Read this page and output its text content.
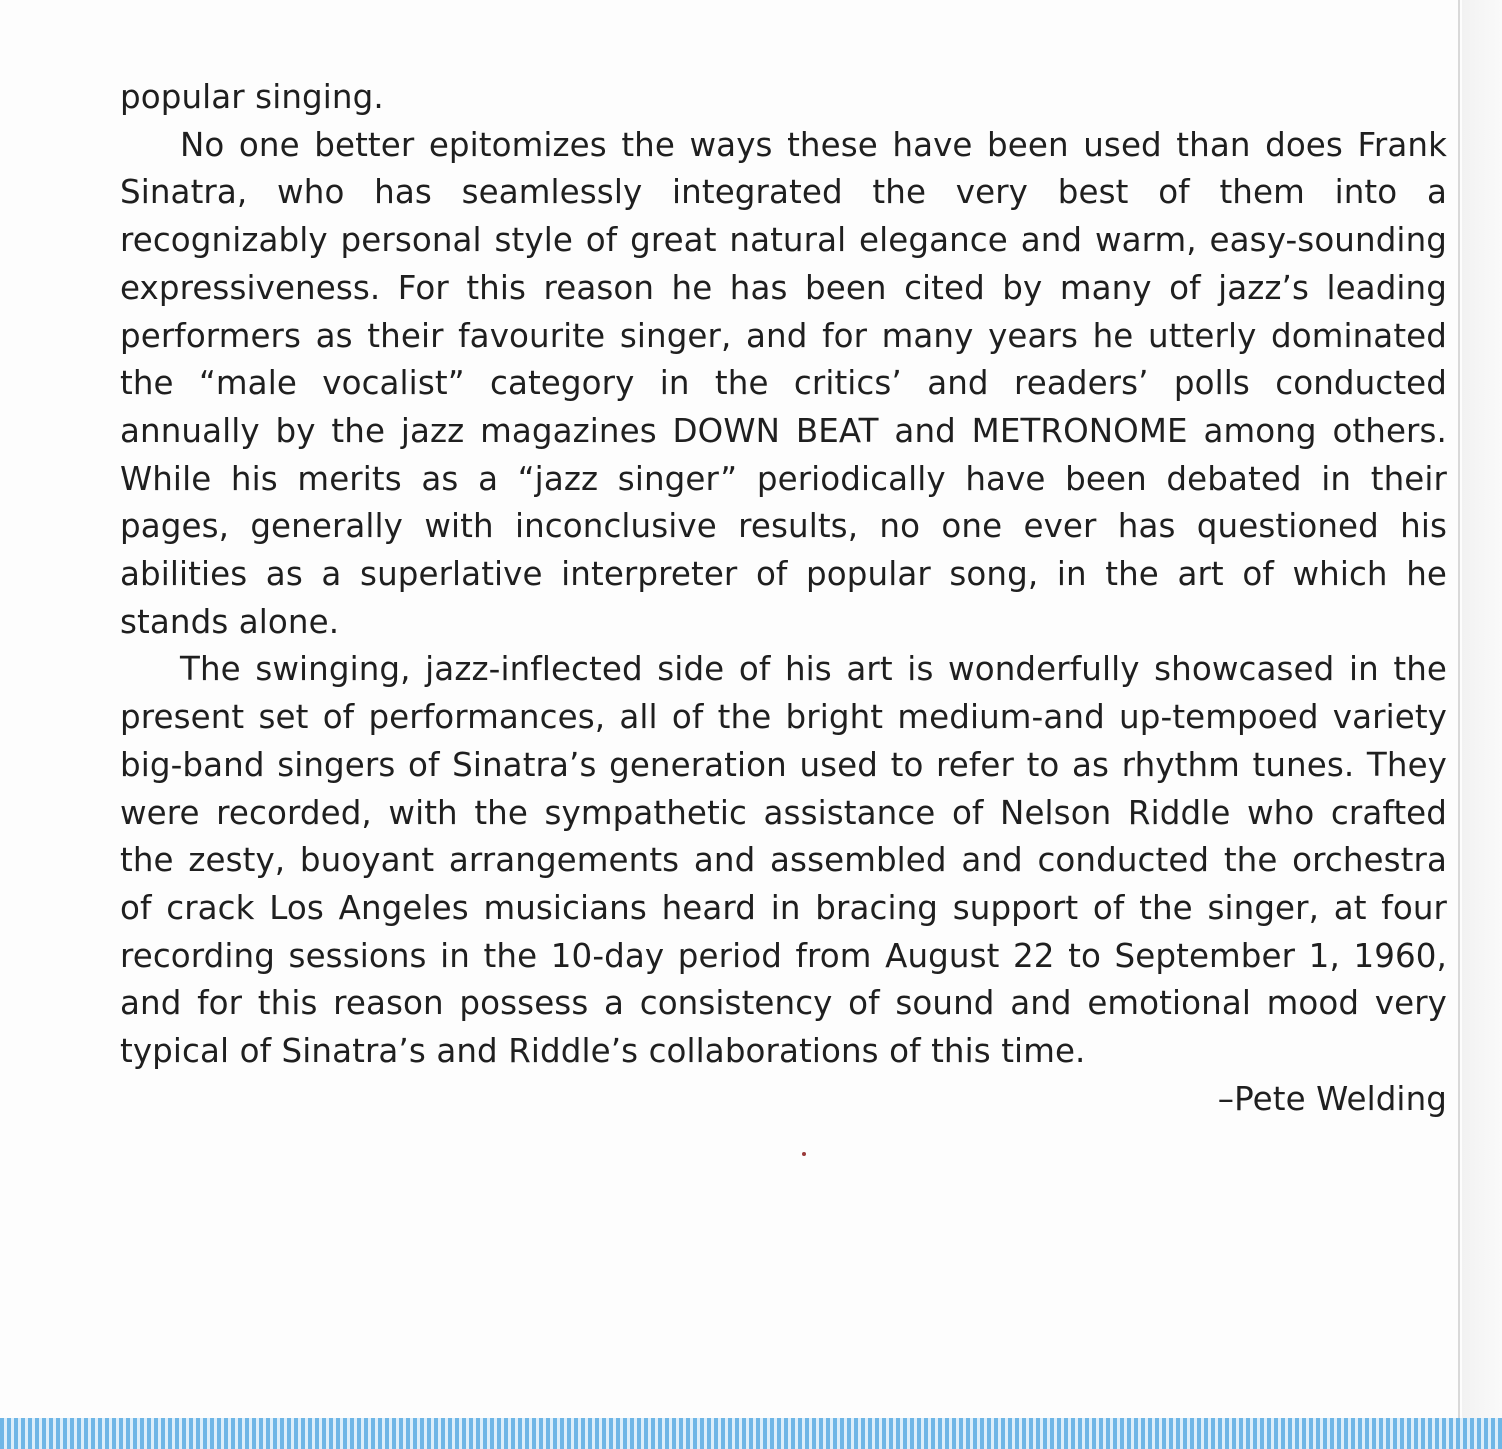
popular singing.

No one better epitomizes the ways these have been used than does Frank Sinatra, who has seamlessly integrated the very best of them into a recognizably personal style of great natural elegance and warm, easy-sounding expressiveness. For this reason he has been cited by many of jazz’s leading performers as their favourite singer, and for many years he utterly dominated the “male vocalist” category in the critics’ and readers’ polls conducted annually by the jazz magazines DOWN BEAT and METRONOME among others. While his merits as a “jazz singer” periodically have been debated in their pages, generally with inconclusive results, no one ever has questioned his abilities as a superlative interpreter of popular song, in the art of which he stands alone.

The swinging, jazz-inflected side of his art is wonderfully showcased in the present set of performances, all of the bright medium-and up-tempoed variety big-band singers of Sinatra’s generation used to refer to as rhythm tunes. They were recorded, with the sympathetic assistance of Nelson Riddle who crafted the zesty, buoyant arrangements and assembled and conducted the orchestra of crack Los Angeles musicians heard in bracing support of the singer, at four recording sessions in the 10-day period from August 22 to September 1, 1960, and for this reason possess a consistency of sound and emotional mood very typical of Sinatra’s and Riddle’s collaborations of this time.

–Pete Welding
